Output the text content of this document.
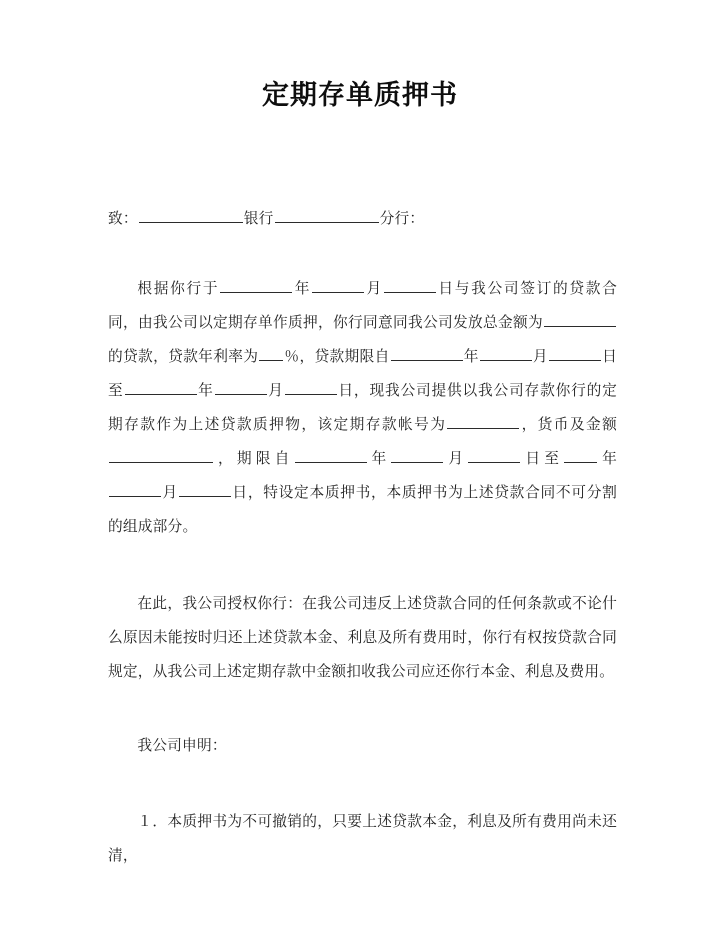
定期存单质押书

致：	银行	分行：

根据你行于	年	月	日与我公司签订的贷款合同，由我公司以定期存单作质押，你行同意同我公司发放总金额为的贷款，贷款年利率为 ％，贷款期限自	年	月	日至	年	月	日，现我公司提供以我公司存款你行的定期存款作为上述贷款质押物，该定期存款帐号为	，货币及金额，期限自	年	月	日至 年月	日，特设定本质押书，本质押书为上述贷款合同不可分割的组成部分。

在此，我公司授权你行：在我公司违反上述贷款合同的任何条款或不论什么原因未能按时归还上述贷款本金、利息及所有费用时，你行有权按贷款合同规定，从我公司上述定期存款中金额扣收我公司应还你行本金、利息及费用。

我公司申明：

１．本质押书为不可撤销的，只要上述贷款本金，利息及所有费用尚未还清，
